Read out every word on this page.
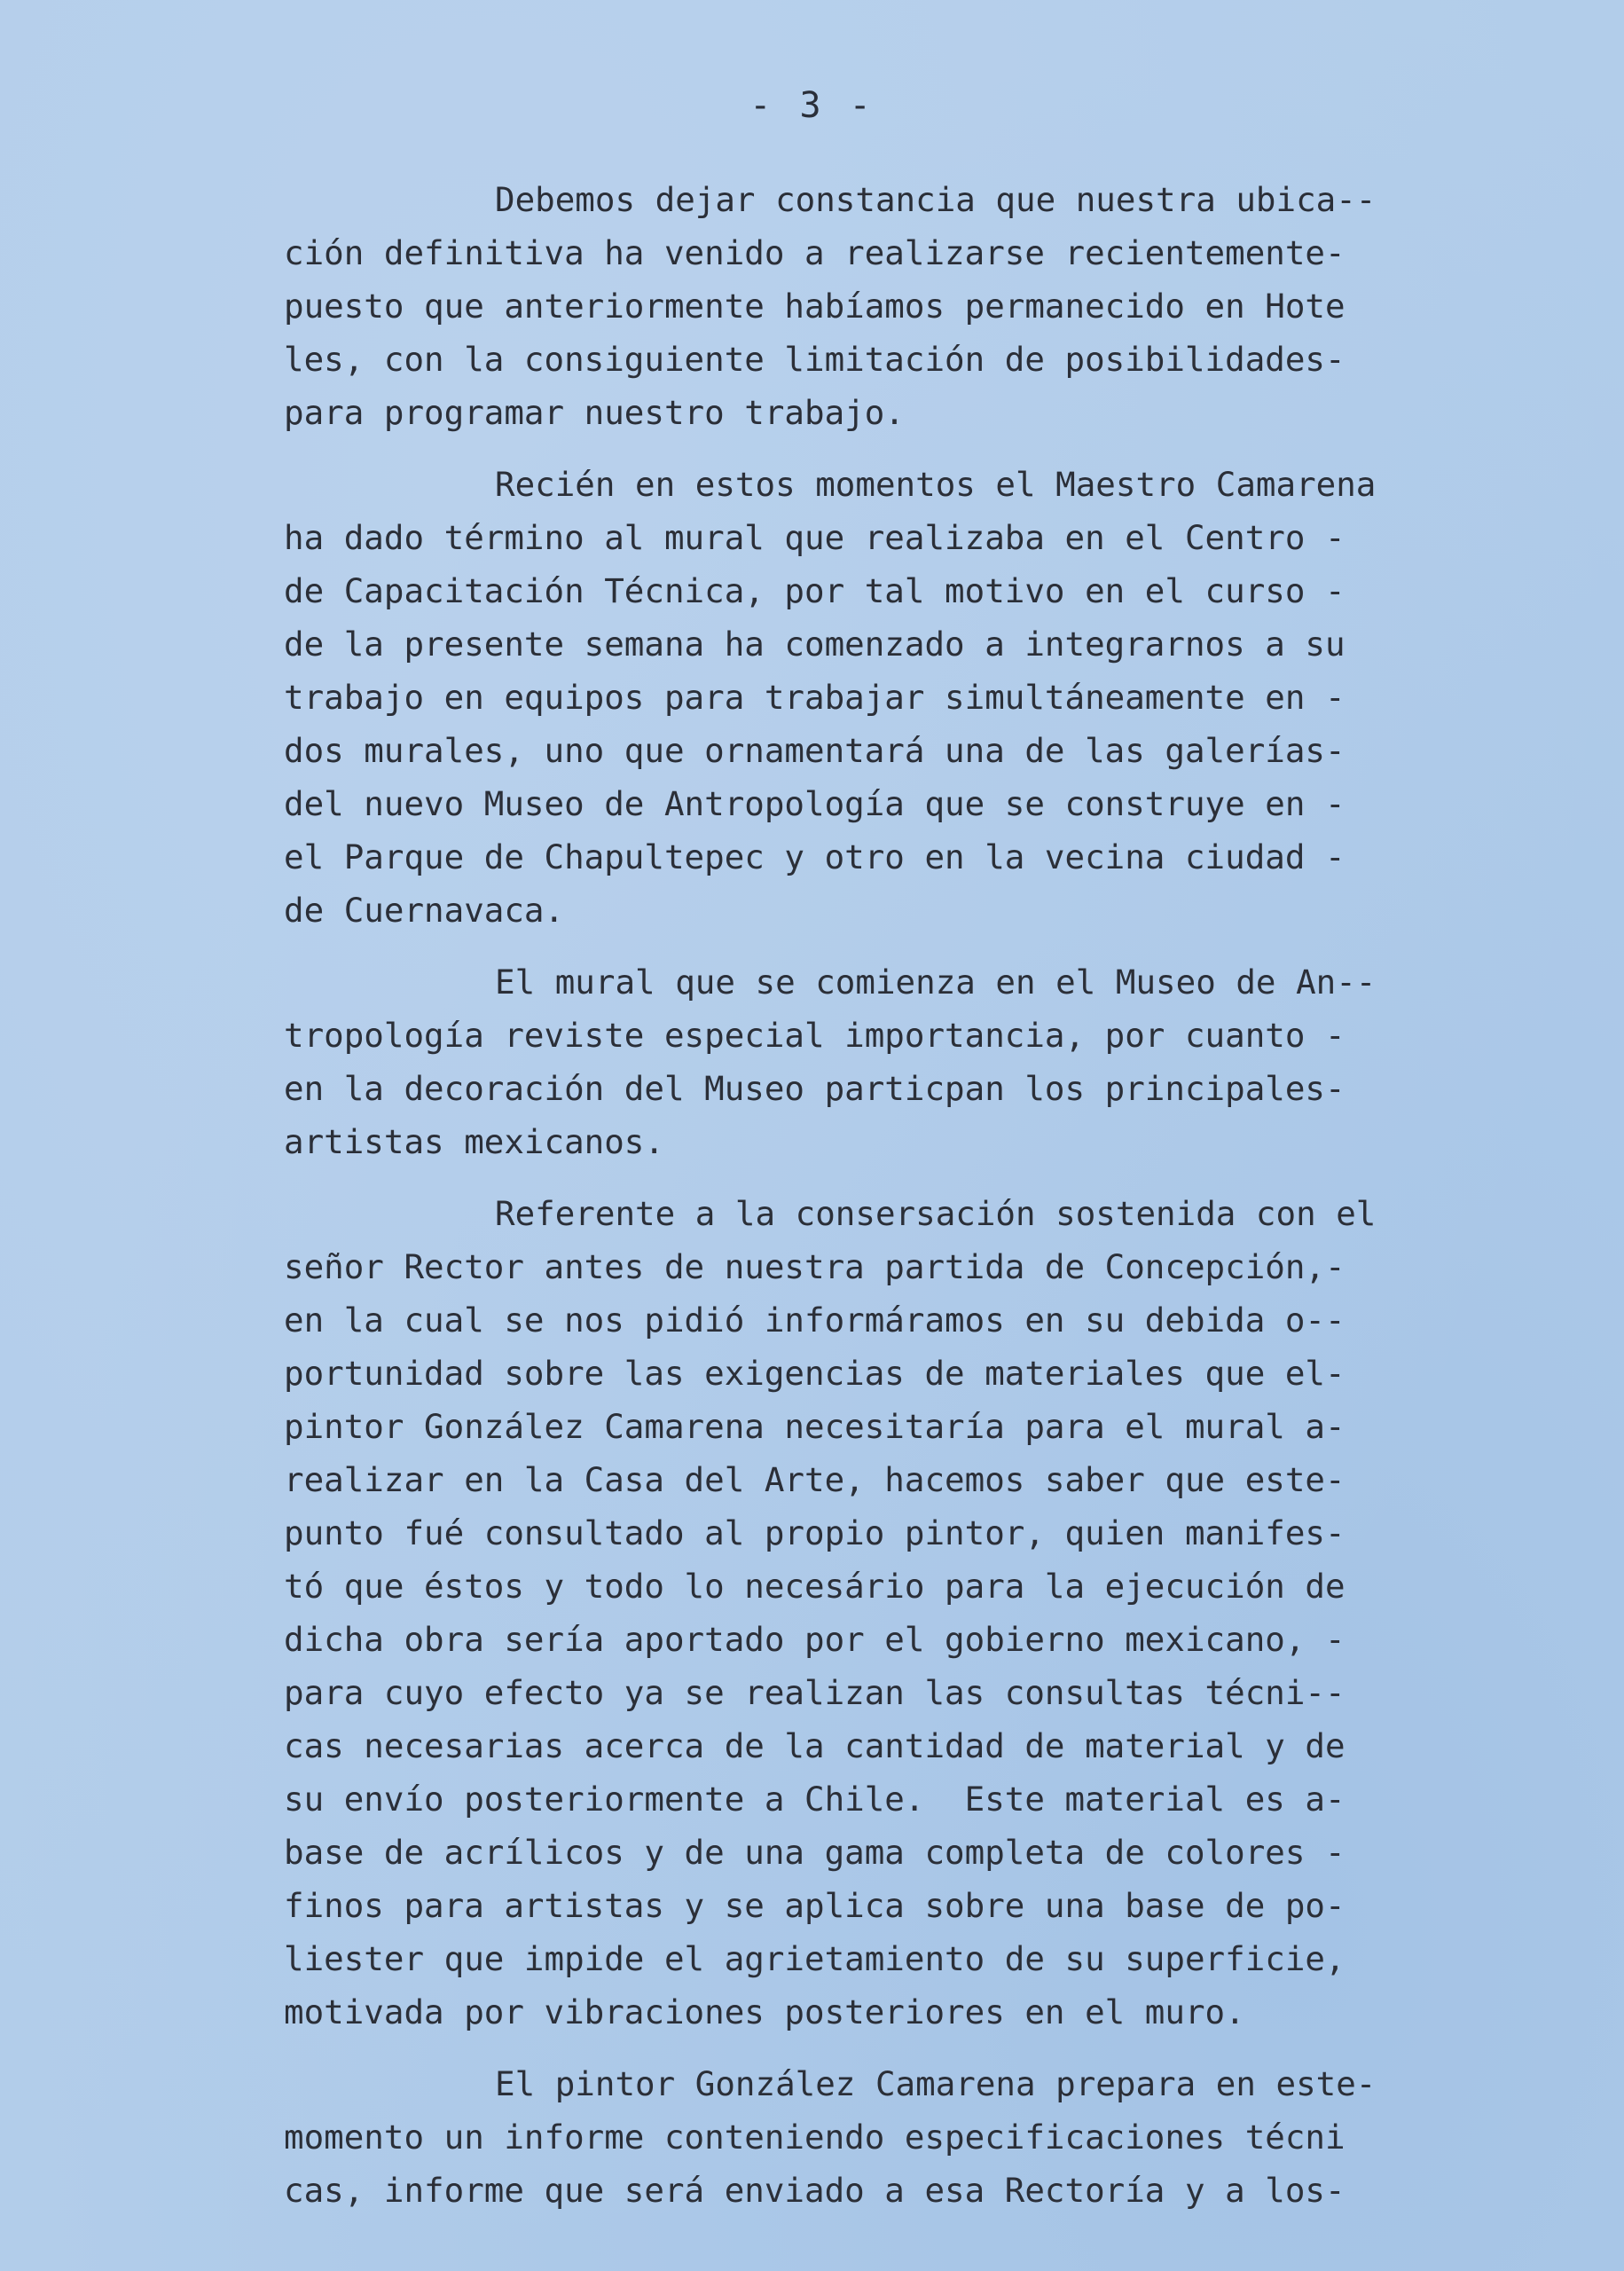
- 3 -
Debemos dejar constancia que nuestra ubica--
ción definitiva ha venido a realizarse recientemente-
puesto que anteriormente habíamos permanecido en Hote
les, con la consiguiente limitación de posibilidades-
para programar nuestro trabajo.
Recién en estos momentos el Maestro Camarena
ha dado término al mural que realizaba en el Centro -
de Capacitación Técnica, por tal motivo en el curso -
de la presente semana ha comenzado a integrarnos a su
trabajo en equipos para trabajar simultáneamente en -
dos murales, uno que ornamentará una de las galerías-
del nuevo Museo de Antropología que se construye en -
el Parque de Chapultepec y otro en la vecina ciudad -
de Cuernavaca.
El mural que se comienza en el Museo de An--
tropología reviste especial importancia, por cuanto -
en la decoración del Museo particpan los principales-
artistas mexicanos.
Referente a la consersación sostenida con el
señor Rector antes de nuestra partida de Concepción,-
en la cual se nos pidió informáramos en su debida o--
portunidad sobre las exigencias de materiales que el-
pintor González Camarena necesitaría para el mural a-
realizar en la Casa del Arte, hacemos saber que este-
punto fué consultado al propio pintor, quien manifes-
tó que éstos y todo lo necesário para la ejecución de
dicha obra sería aportado por el gobierno mexicano, -
para cuyo efecto ya se realizan las consultas técni--
cas necesarias acerca de la cantidad de material y de
su envío posteriormente a Chile.  Este material es a-
base de acrílicos y de una gama completa de colores -
finos para artistas y se aplica sobre una base de po-
liester que impide el agrietamiento de su superficie,
motivada por vibraciones posteriores en el muro.
El pintor González Camarena prepara en este-
momento un informe conteniendo especificaciones técni
cas, informe que será enviado a esa Rectoría y a los-
